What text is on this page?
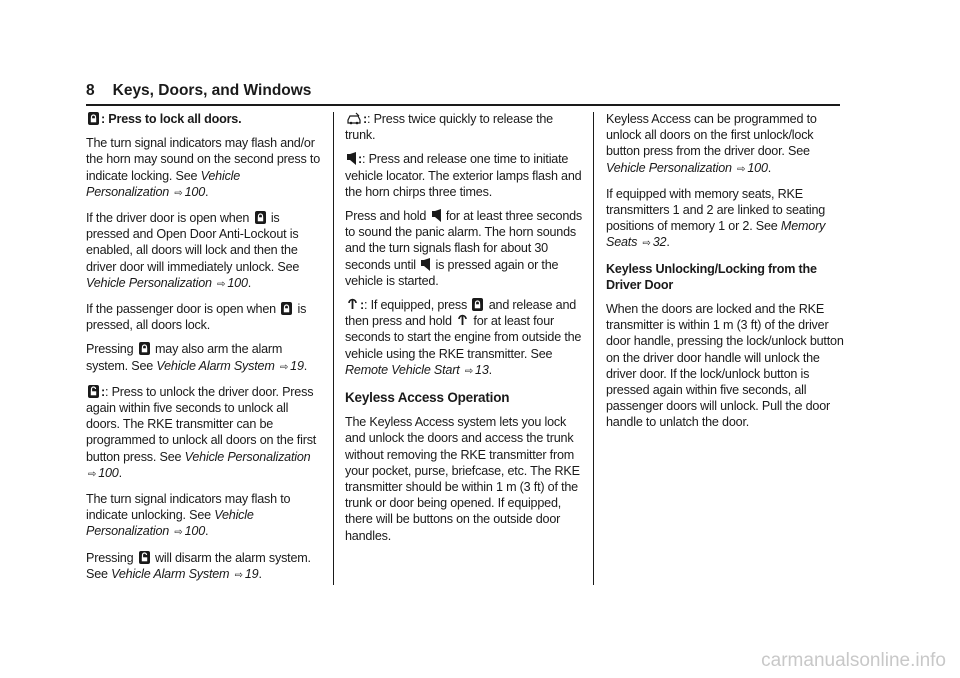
8 Keys, Doors, and Windows

: Press to lock all doors.

The turn signal indicators may flash and/or the horn may sound on the second press to indicate locking. See Vehicle Personalization ⇨ 100.

If the driver door is open when
is pressed and Open Door Anti-Lockout is enabled, all doors will lock and then the driver door will immediately unlock. See Vehicle Personalization ⇨ 100.

If the passenger door is open when
is pressed, all doors lock.

Pressing
may also arm the alarm system. See Vehicle Alarm System ⇨ 19.

:: Press to unlock the driver door. Press again within five seconds to unlock all doors. The RKE transmitter can be programmed to unlock all doors on the first button press. See Vehicle Personalization ⇨ 100.

The turn signal indicators may flash to indicate unlocking. See Vehicle Personalization ⇨ 100.

Pressing
will disarm the alarm system. See Vehicle Alarm System ⇨ 19.

:: Press twice quickly to release the trunk.

:: Press and release one time to initiate vehicle locator. The exterior lamps flash and the horn chirps three times.

Press and hold
for at least three seconds to sound the panic alarm. The horn sounds and the turn signals flash for about 30 seconds until
is pressed again or the vehicle is started.

:: If equipped, press
and release and then press and hold
for at least four seconds to start the engine from outside the vehicle using the RKE transmitter. See Remote Vehicle Start ⇨ 13.

Keyless Access Operation

The Keyless Access system lets you lock and unlock the doors and access the trunk without removing the RKE transmitter from your pocket, purse, briefcase, etc. The RKE transmitter should be within 1 m (3 ft) of the trunk or door being opened. If equipped, there will be buttons on the outside door handles.

Keyless Access can be programmed to unlock all doors on the first unlock/lock button press from the driver door. See Vehicle Personalization ⇨ 100.

If equipped with memory seats, RKE transmitters 1 and 2 are linked to seating positions of memory 1 or 2. See Memory Seats ⇨ 32.

Keyless Unlocking/Locking from the Driver Door

When the doors are locked and the RKE transmitter is within 1 m (3 ft) of the driver door handle, pressing the lock/unlock button on the driver door handle will unlock the driver door. If the lock/unlock button is pressed again within five seconds, all passenger doors will unlock. Pull the door handle to unlatch the door.

carmanualsonline.info
